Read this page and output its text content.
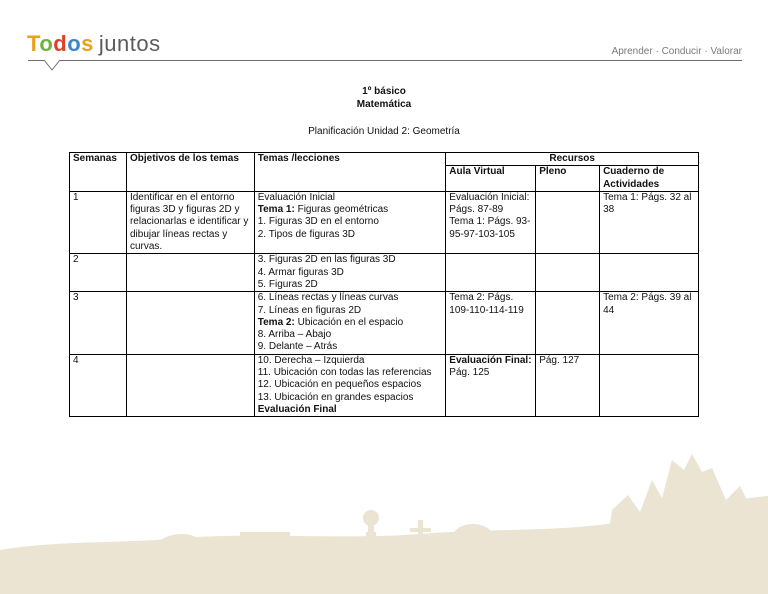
Todos juntos	Aprender · Conducir · Valorar
1º básico
Matemática
Planificación Unidad 2: Geometría
Semanas	Objetivos de los temas	Temas /lecciones	Recursos		
			Aula Virtual	Pleno	Cuaderno de Actividades
1	Identificar en el entorno figuras 3D y figuras 2D y relacionarlas e identificar y dibujar líneas rectas y curvas.	Evaluación Inicial
Tema 1: Figuras geométricas
1. Figuras 3D en el entorno
2. Tipos de figuras 3D	Evaluación Inicial: Págs. 87-89
Tema 1: Págs. 93-95-97-103-105		Tema 1: Págs. 32 al 38
2		3. Figuras 2D en las figuras 3D
4. Armar figuras 3D
5. Figuras 2D			

3		6. Líneas rectas y líneas curvas
7. Líneas en figuras 2D
Tema 2: Ubicación en el espacio
8. Arriba – Abajo
9. Delante – Atrás	Tema 2: Págs. 109-110-114-119		Tema 2: Págs. 39 al 44
4		10. Derecha – Izquierda
11. Ubicación con todas las referencias
12. Ubicación en pequeños espacios
13. Ubicación en grandes espacios
Evaluación Final	Evaluación Final: Pág. 125	Pág. 127	
